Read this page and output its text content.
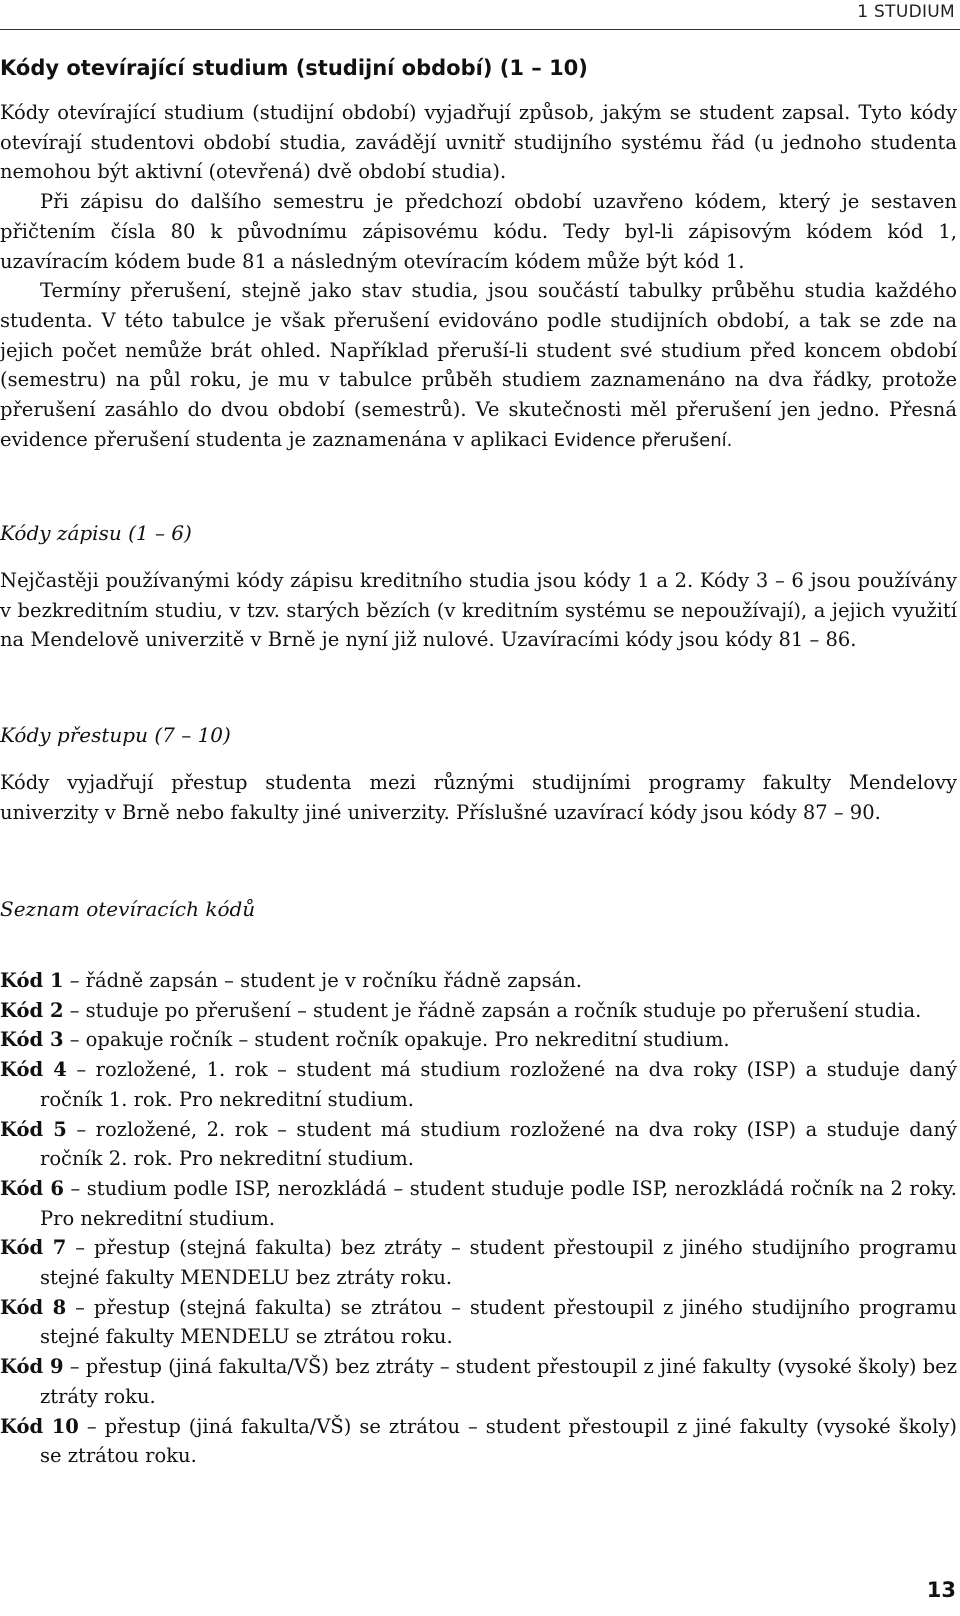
1 STUDIUM
Kódy otevírající studium (studijní období) (1 – 10)

Kódy otevírající studium (studijní období) vyjadřují způsob, jakým se student zapsal. Tyto kódy otevírají studentovi období studia, zavádějí uvnitř studijního systému řád (u jednoho studenta nemohou být aktivní (otevřená) dvě období studia).

Při zápisu do dalšího semestru je předchozí období uzavřeno kódem, který je sestaven přičtením čísla 80 k původnímu zápisovému kódu. Tedy byl-li zápisovým kódem kód 1, uzavíracím kódem bude 81 a následným otevíracím kódem může být kód 1.

Termíny přerušení, stejně jako stav studia, jsou součástí tabulky průběhu studia každého studenta. V této tabulce je však přerušení evidováno podle studijních období, a tak se zde na jejich počet nemůže brát ohled. Například přeruší-li student své studium před koncem období (semestru) na půl roku, je mu v tabulce průběh studiem zaznamenáno na dva řádky, protože přerušení zasáhlo do dvou období (semestrů). Ve skutečnosti měl přerušení jen jedno. Přesná evidence přerušení studenta je zaznamenána v aplikaci Evidence přerušení.

Kódy zápisu (1 – 6)
Nejčastěji používanými kódy zápisu kreditního studia jsou kódy 1 a 2. Kódy 3 – 6 jsou používány v bezkreditním studiu, v tzv. starých bězích (v kreditním systému se nepoužívají), a jejich využití na Mendelově univerzitě v Brně je nyní již nulové. Uzavíracími kódy jsou kódy 81 – 86.
Kódy přestupu (7 – 10)
Kódy vyjadřují přestup studenta mezi různými studijními programy fakulty Mendelovy univerzity v Brně nebo fakulty jiné univerzity. Příslušné uzavírací kódy jsou kódy 87 – 90.
Seznam otevíracích kódů
Kód 1 – řádně zapsán – student je v ročníku řádně zapsán.
Kód 2 – studuje po přerušení – student je řádně zapsán a ročník studuje po přerušení studia.
Kód 3 – opakuje ročník – student ročník opakuje. Pro nekreditní studium.
Kód 4 – rozložené, 1. rok – student má studium rozložené na dva roky (ISP) a studuje daný ročník 1. rok. Pro nekreditní studium.
Kód 5 – rozložené, 2. rok – student má studium rozložené na dva roky (ISP) a studuje daný ročník 2. rok. Pro nekreditní studium.
Kód 6 – studium podle ISP, nerozkládá – student studuje podle ISP, nerozkládá ročník na 2 roky. Pro nekreditní studium.
Kód 7 – přestup (stejná fakulta) bez ztráty – student přestoupil z jiného studijního programu stejné fakulty MENDELU bez ztráty roku.
Kód 8 – přestup (stejná fakulta) se ztrátou – student přestoupil z jiného studijního programu stejné fakulty MENDELU se ztrátou roku.
Kód 9 – přestup (jiná fakulta/VŠ) bez ztráty – student přestoupil z jiné fakulty (vysoké školy) bez ztráty roku.
Kód 10 – přestup (jiná fakulta/VŠ) se ztrátou – student přestoupil z jiné fakulty (vysoké školy) se ztrátou roku.
13
